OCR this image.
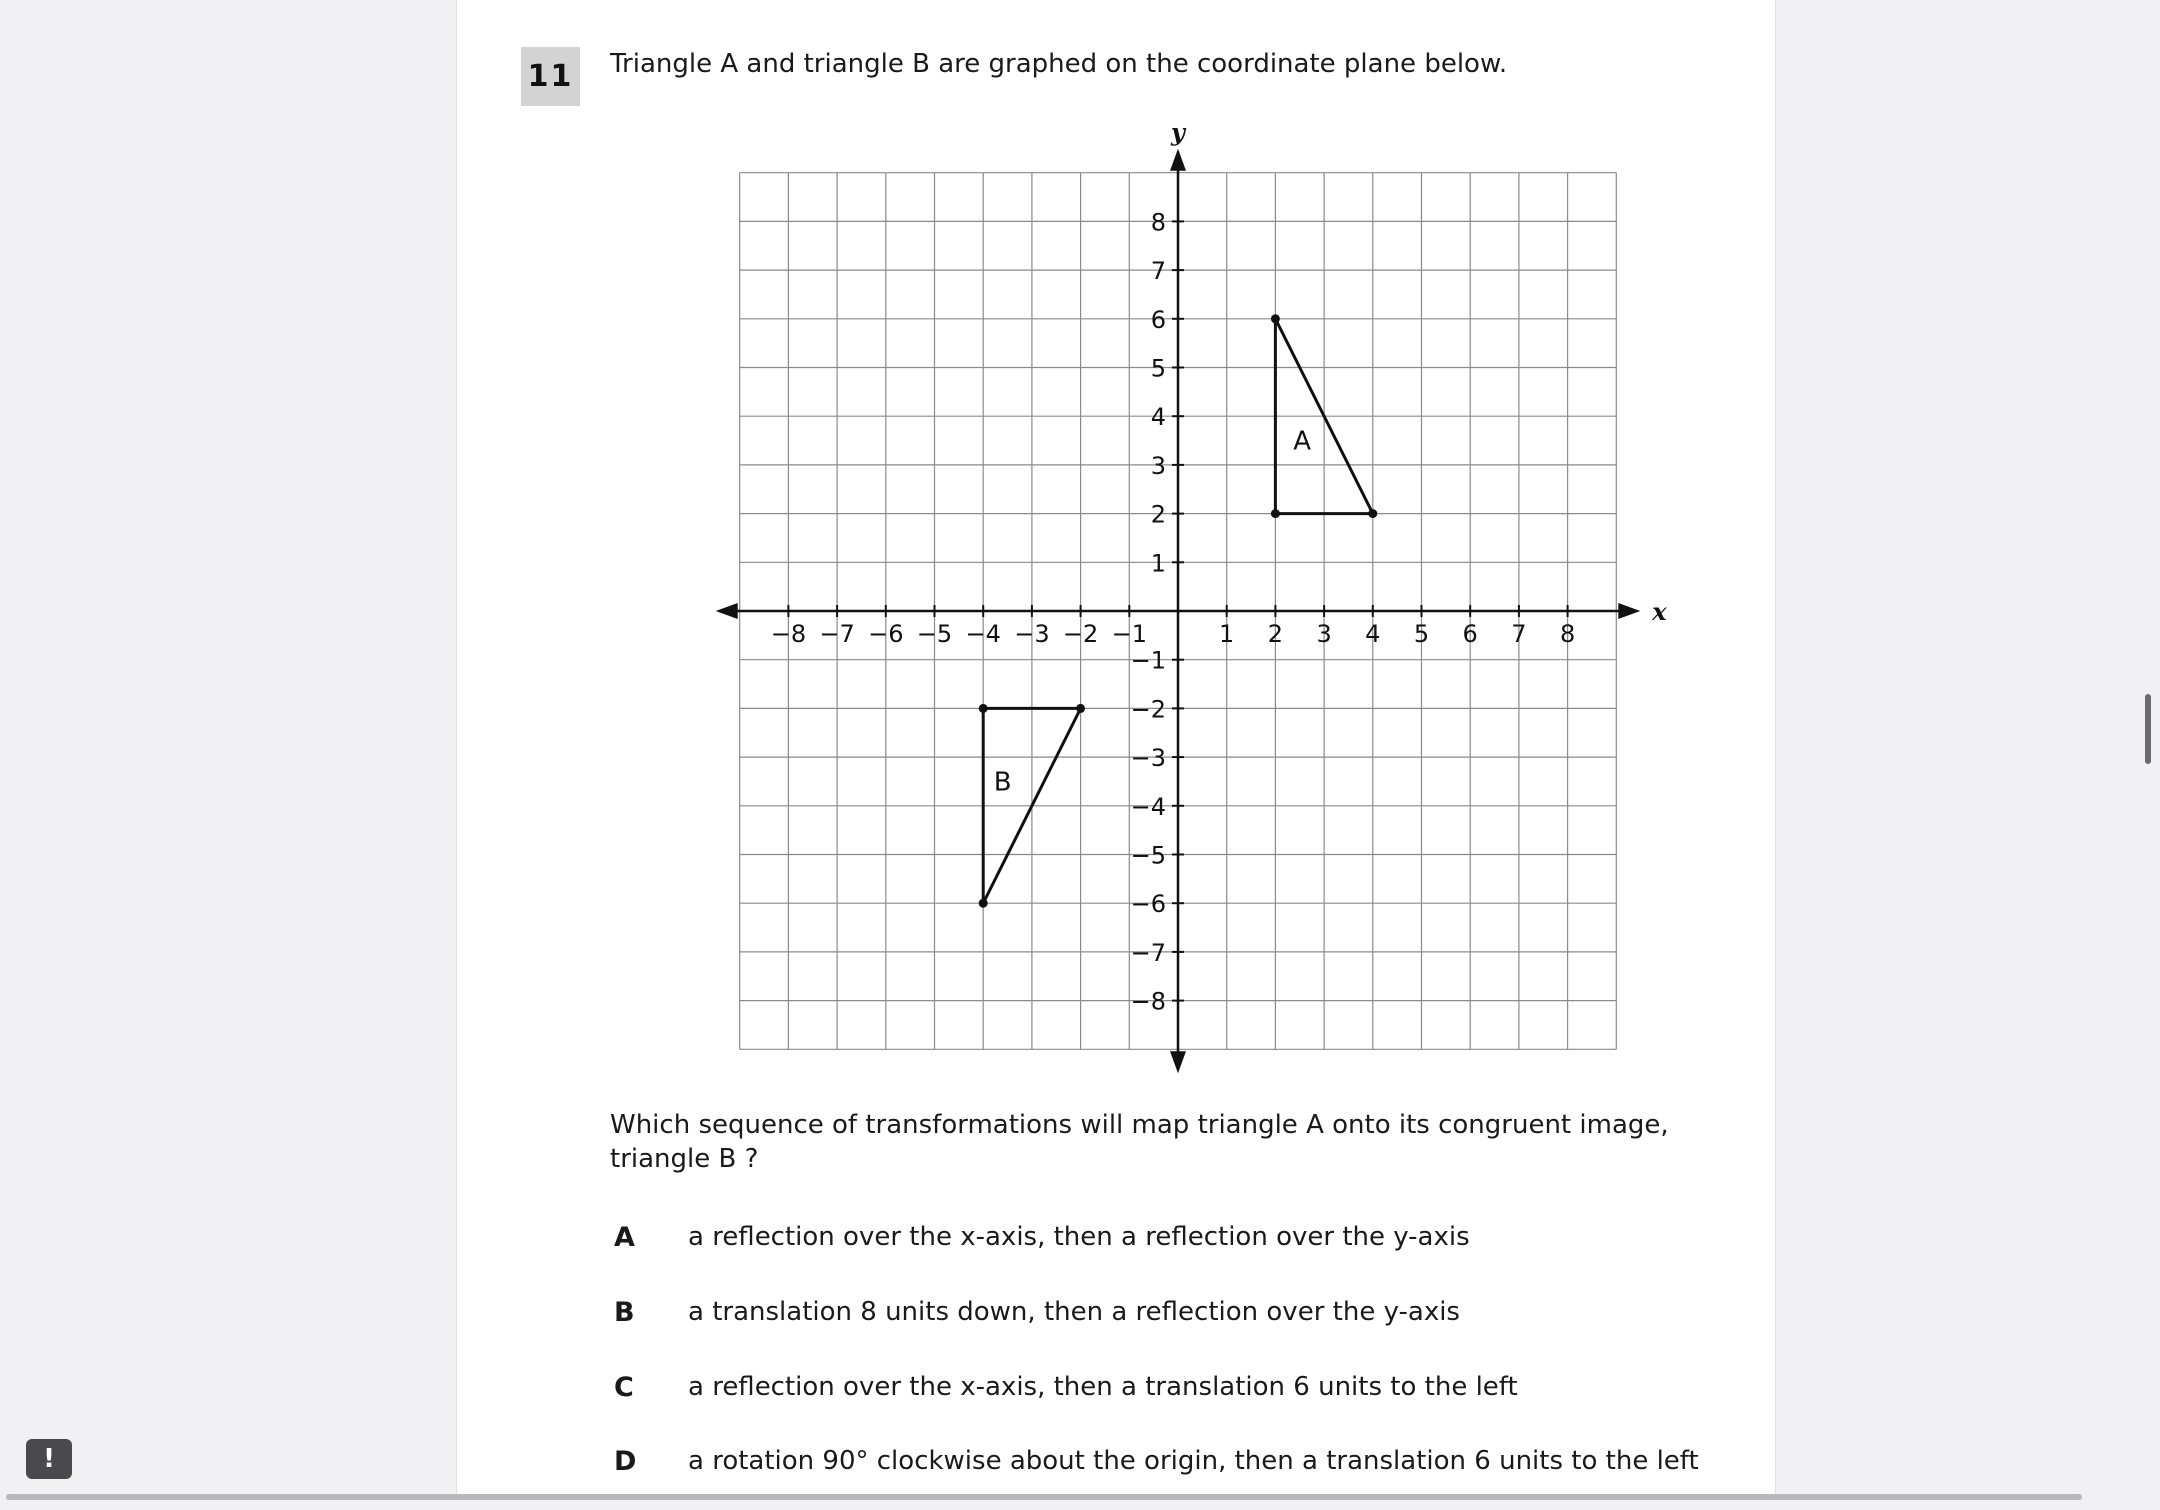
11 Triangle A and triangle B are graphed on the coordinate plane below.
x
y
−8 −7 −6 −5 −4 −3 −2 −1	1 2 3 4 5 6 7 8
8
7
6
5
4
3
2
1
−1
−2
−3
−4
−5
−6
−7
−8
A
B
Which sequence of transformations will map triangle A onto its congruent image, triangle B ?
A	a reflection over the x-axis, then a reflection over the y-axis
B	a translation 8 units down, then a reflection over the y-axis
C	a reflection over the x-axis, then a translation 6 units to the left
D	a rotation 90° clockwise about the origin, then a translation 6 units to the left
!
